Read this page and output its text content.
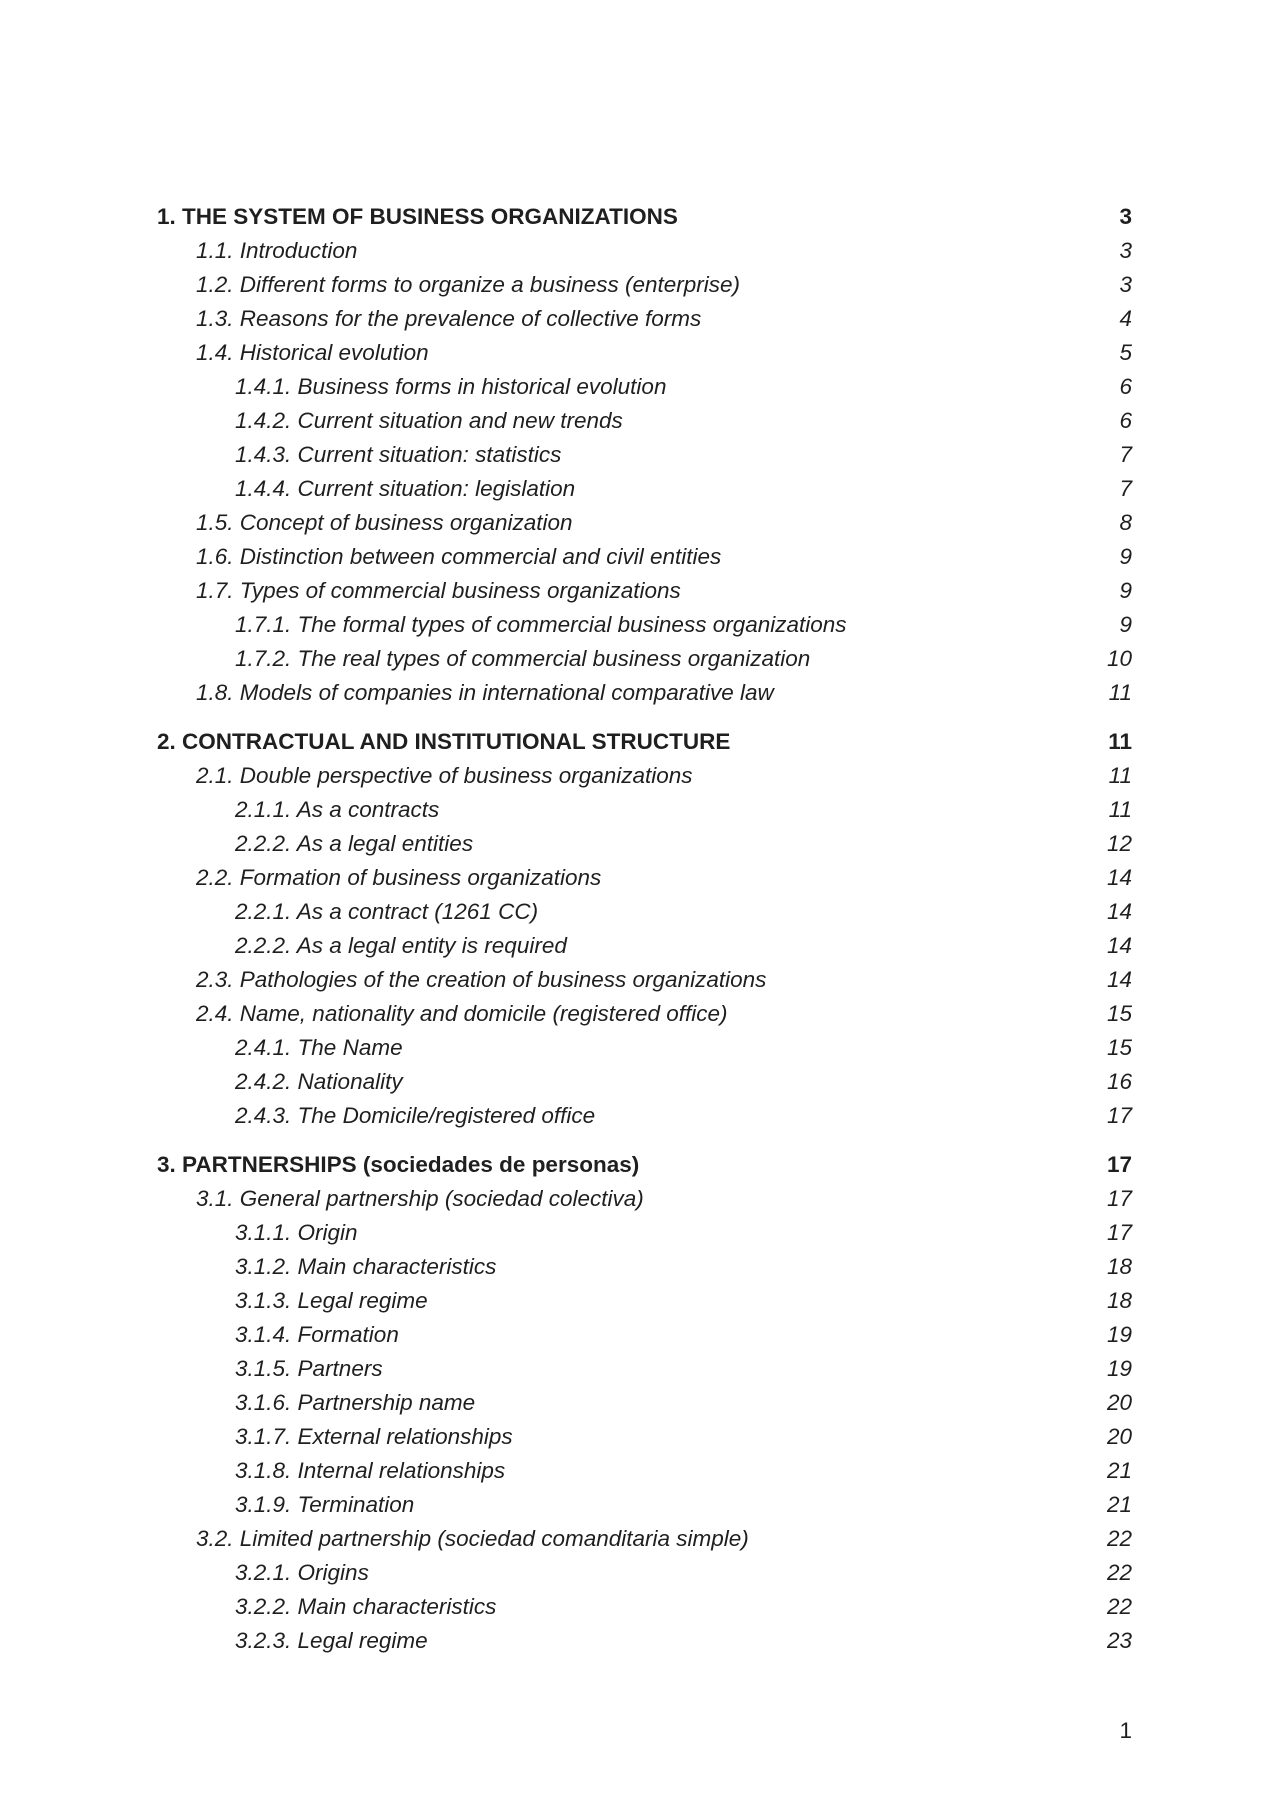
1. THE SYSTEM OF BUSINESS ORGANIZATIONS	3
1.1. Introduction	3
1.2. Different forms to organize a business (enterprise)	3
1.3. Reasons for the prevalence of collective forms	4
1.4. Historical evolution	5
1.4.1. Business forms in historical evolution	6
1.4.2. Current situation and new trends	6
1.4.3. Current situation: statistics	7
1.4.4. Current situation: legislation	7
1.5. Concept of business organization	8
1.6. Distinction between commercial and civil entities	9
1.7. Types of commercial business organizations	9
1.7.1. The formal types of commercial business organizations	9
1.7.2. The real types of commercial business organization	10
1.8. Models of companies in international comparative law	11
2. CONTRACTUAL AND INSTITUTIONAL STRUCTURE	11
2.1. Double perspective of business organizations	11
2.1.1. As a contracts	11
2.2.2. As a legal entities	12
2.2. Formation of business organizations	14
2.2.1. As a contract (1261 CC)	14
2.2.2. As a legal entity is required	14
2.3. Pathologies of the creation of business organizations	14
2.4. Name, nationality and domicile (registered office)	15
2.4.1. The Name	15
2.4.2. Nationality	16
2.4.3. The Domicile/registered office	17
3. PARTNERSHIPS (sociedades de personas)	17
3.1. General partnership (sociedad colectiva)	17
3.1.1. Origin	17
3.1.2. Main characteristics	18
3.1.3. Legal regime	18
3.1.4. Formation	19
3.1.5. Partners	19
3.1.6. Partnership name	20
3.1.7. External relationships	20
3.1.8. Internal relationships	21
3.1.9. Termination	21
3.2. Limited partnership (sociedad comanditaria simple)	22
3.2.1. Origins	22
3.2.2. Main characteristics	22
3.2.3. Legal regime	23
1
